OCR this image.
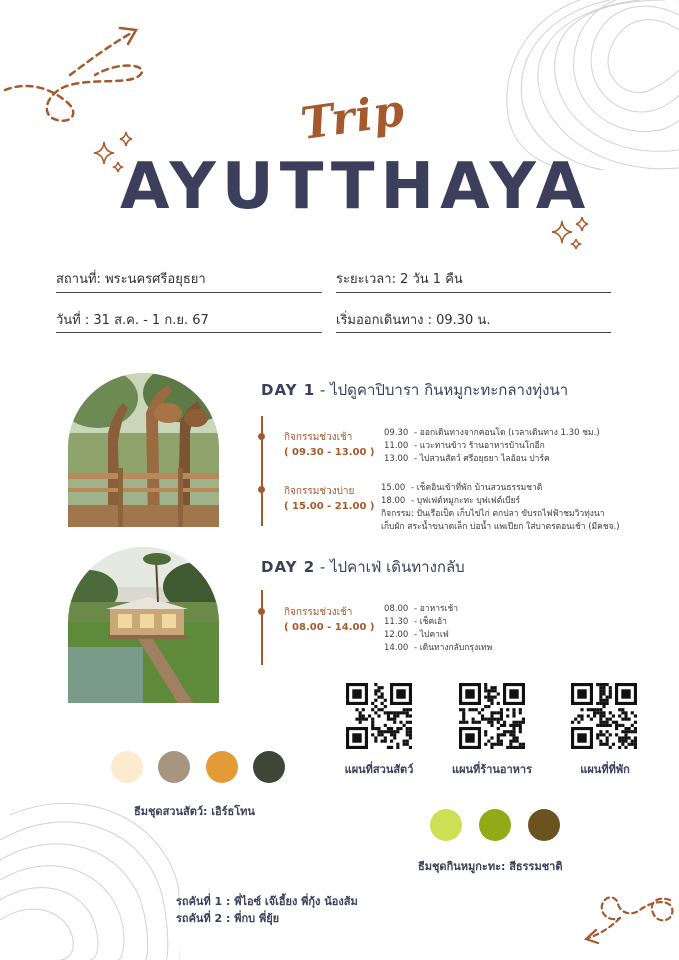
Trip
AYUTTHAYA
สถานที่: พระนครศรีอยุธยา	ระยะเวลา: 2 วัน 1 คืน
วันที่ : 31 ส.ค. - 1 ก.ย. 67	เริ่มออกเดินทาง : 09.30 น.
DAY 1 - ไปดูคาปิบารา กินหมูกะทะกลางทุ่งนา
กิจกรรมช่วงเช้า
( 09.30 - 13.00 )
09.30 - ออกเดินทางจากคอนโด (เวลาเดินทาง 1.30 ชม.)
11.00 - แวะทานข้าว ร้านอาหารบ้านโกอีก
13.00 - ไปสวนสัตว์ ศรีอยุธยา ไลอ้อน ปาร์ค
กิจกรรมช่วงบ่าย
( 15.00 - 21.00 )
15.00 - เช็คอินเข้าที่พัก บ้านสวนธรรมชาติ
18.00 - บุฟเฟต์หมูกะทะ บุฟเฟต์เบียร์
กิจกรรม: ปั่นเรือเป็ด เก็บไข่ไก่ ตกปลา ขับรถไฟฟ้าชมวิวทุ่งนา
เก็บผัก สระน้ำขนาดเล็ก บ่อน้ำ แพเปียก ใส่บาตรตอนเช้า (มีคชจ.)
DAY 2 - ไปคาเฟ่ เดินทางกลับ
กิจกรรมช่วงเช้า
( 08.00 - 14.00 )
08.00 - อาหารเช้า
11.30 - เช็คเอ้า
12.00 - ไปคาเฟ่
14.00 - เดินทางกลับกรุงเทพ
แผนที่สวนสัตว์	แผนที่ร้านอาหาร	แผนที่ที่พัก
ธีมชุดสวนสัตว์: เอิร์ธโทน
ธีมชุดกินหมูกะทะ: สีธรรมชาติ
รถคันที่ 1 : พี่ไอซ์ เจ๊เอี้ยง พี่กุ้ง น้องส้ม
รถคันที่ 2 : พี่กบ พี่ยุ้ย
